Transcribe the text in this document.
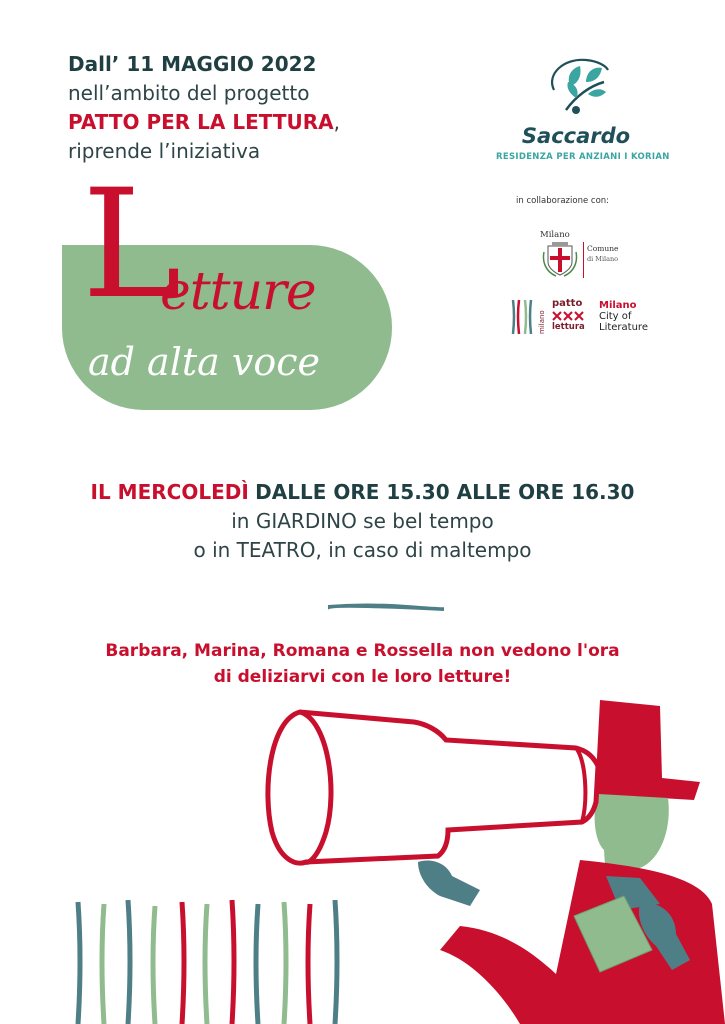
Dall’ 11 MAGGIO 2022
nell’ambito del progetto
PATTO PER LA LETTURA,
riprende l’iniziativa
Saccardo
RESIDENZA PER ANZIANI I KORIAN
in collaborazione con:
Milano
Comune
di Milano
milano
patto
lettura
Milano
City of
Literature
L
etture
ad alta voce
IL MERCOLEDÌ DALLE ORE 15.30 ALLE ORE 16.30
in GIARDINO se bel tempo
o in TEATRO, in caso di maltempo
Barbara, Marina, Romana e Rossella non vedono l'ora
di deliziarvi con le loro letture!
